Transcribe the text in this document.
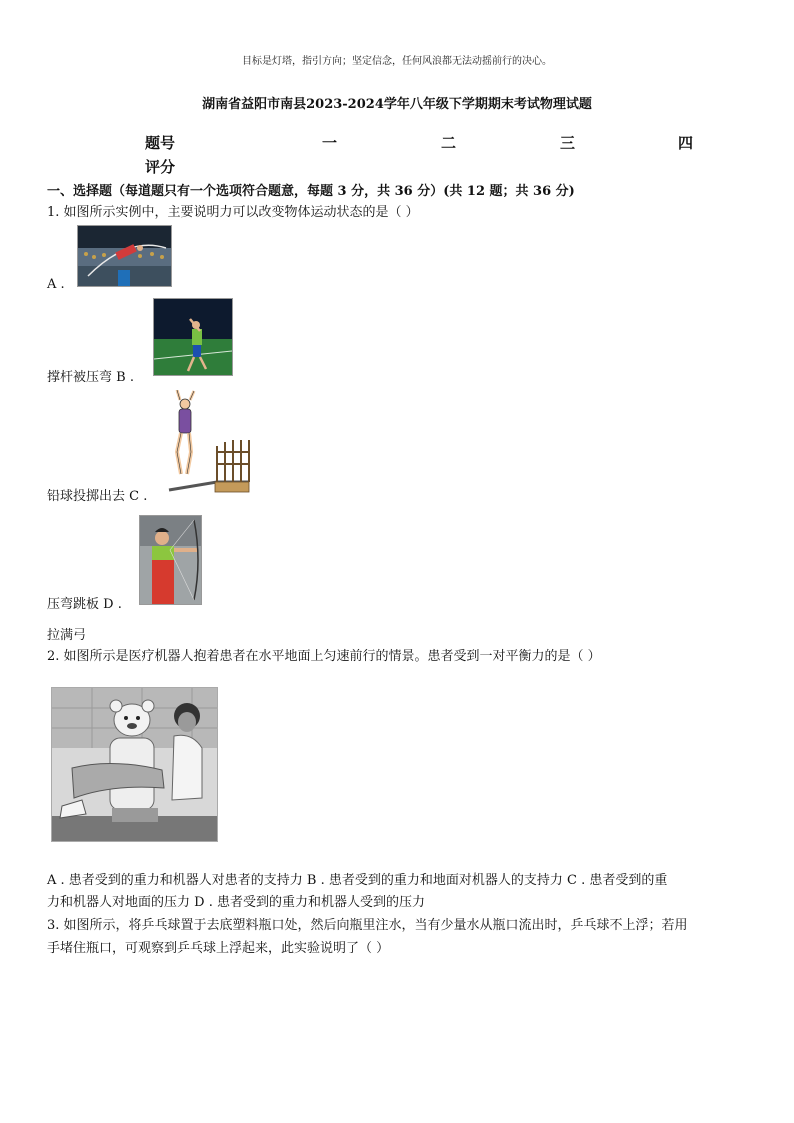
目标是灯塔，指引方向；坚定信念，任何风浪都无法动摇前行的决心。
湖南省益阳市南县2023-2024学年八年级下学期期末考试物理试题
题号	一	二	三	四
评分
一、选择题（每道题只有一个选项符合题意，每题 3 分，共 36 分）(共 12 题；共 36 分)
1. 如图所示实例中，主要说明力可以改变物体运动状态的是（ ）
A .
撑杆被压弯 B .
铅球投掷出去 C .
压弯跳板 D .
拉满弓
2. 如图所示是医疗机器人抱着患者在水平地面上匀速前行的情景。患者受到一对平衡力的是（ ）
A . 患者受到的重力和机器人对患者的支持力 B . 患者受到的重力和地面对机器人的支持力 C . 患者受到的重
力和机器人对地面的压力 D . 患者受到的重力和机器人受到的压力
3. 如图所示，将乒乓球置于去底塑料瓶口处，然后向瓶里注水，当有少量水从瓶口流出时，乒乓球不上浮；若用
手堵住瓶口，可观察到乒乓球上浮起来，此实验说明了（ ）
